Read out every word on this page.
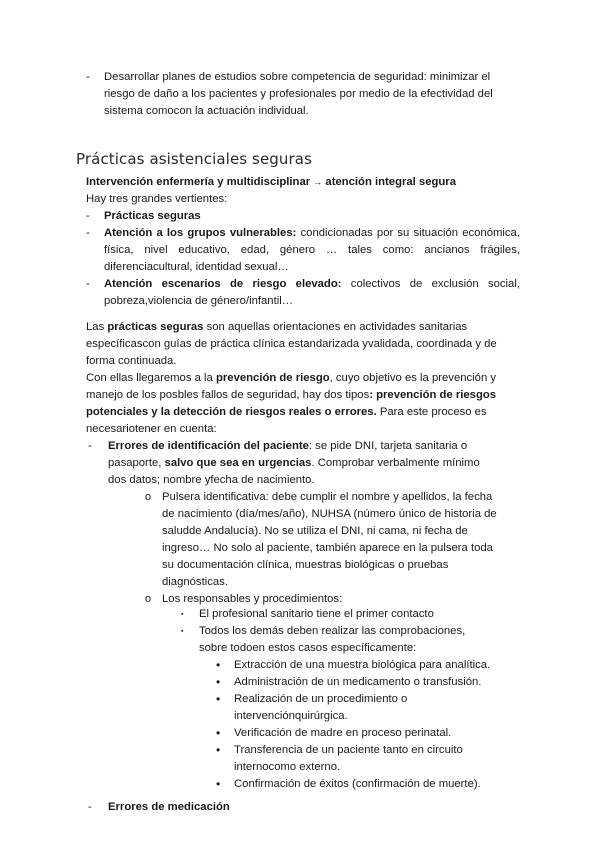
-	Desarrollar planes de estudios sobre competencia de seguridad: minimizar el riesgo de daño a los pacientes y profesionales por medio de la efectividad del sistema comocon la actuación individual.
Prácticas asistenciales seguras
Intervención enfermería y multidisciplinar → atención integral segura
Hay tres grandes vertientes:
-	Prácticas seguras
-	Atención a los grupos vulnerables: condicionadas por su situación económica, física, nivel educativo, edad, género … tales como: ancianos frágiles, diferenciacultural, identidad sexual…
-	Atención escenarios de riesgo elevado: colectivos de exclusión social, pobreza,violencia de género/infantil…
Las prácticas seguras son aquellas orientaciones en actividades sanitarias específicascon guías de práctica clínica estandarizada yvalidada, coordinada y de forma continuada.
Con ellas llegaremos a la prevención de riesgo, cuyo objetivo es la prevención y manejo de los posbles fallos de seguridad, hay dos tipos: prevención de riesgos potenciales y la detección de riesgos reales o errores. Para este proceso es necesariotener en cuenta:
-	Errores de identificación del paciente: se pide DNI, tarjeta sanitaria o pasaporte, salvo que sea en urgencias. Comprobar verbalmente mínimo dos datos; nombre yfecha de nacimiento.
o Pulsera identificativa: debe cumplir el nombre y apellidos, la fecha de nacimiento (día/mes/año), NUHSA (número único de historia de saludde Andalucía). No se utiliza el DNI, ni cama, ni fecha de ingreso… No solo al paciente, también aparece en la pulsera toda su documentación clínica, muestras biológicas o pruebas diagnósticas.
o Los responsables y procedimientos:
▪ El profesional sanitario tiene el primer contacto
▪ Todos los demás deben realizar las comprobaciones, sobre todoen estos casos específicamente:
• Extracción de una muestra biológica para analítica.
• Administración de un medicamento o transfusión.
• Realización de un procedimiento o intervenciónquirúrgica.
• Verificación de madre en proceso perinatal.
• Transferencia de un paciente tanto en circuito internocomo externo.
• Confirmación de éxitos (confirmación de muerte).
-	Errores de medicación
